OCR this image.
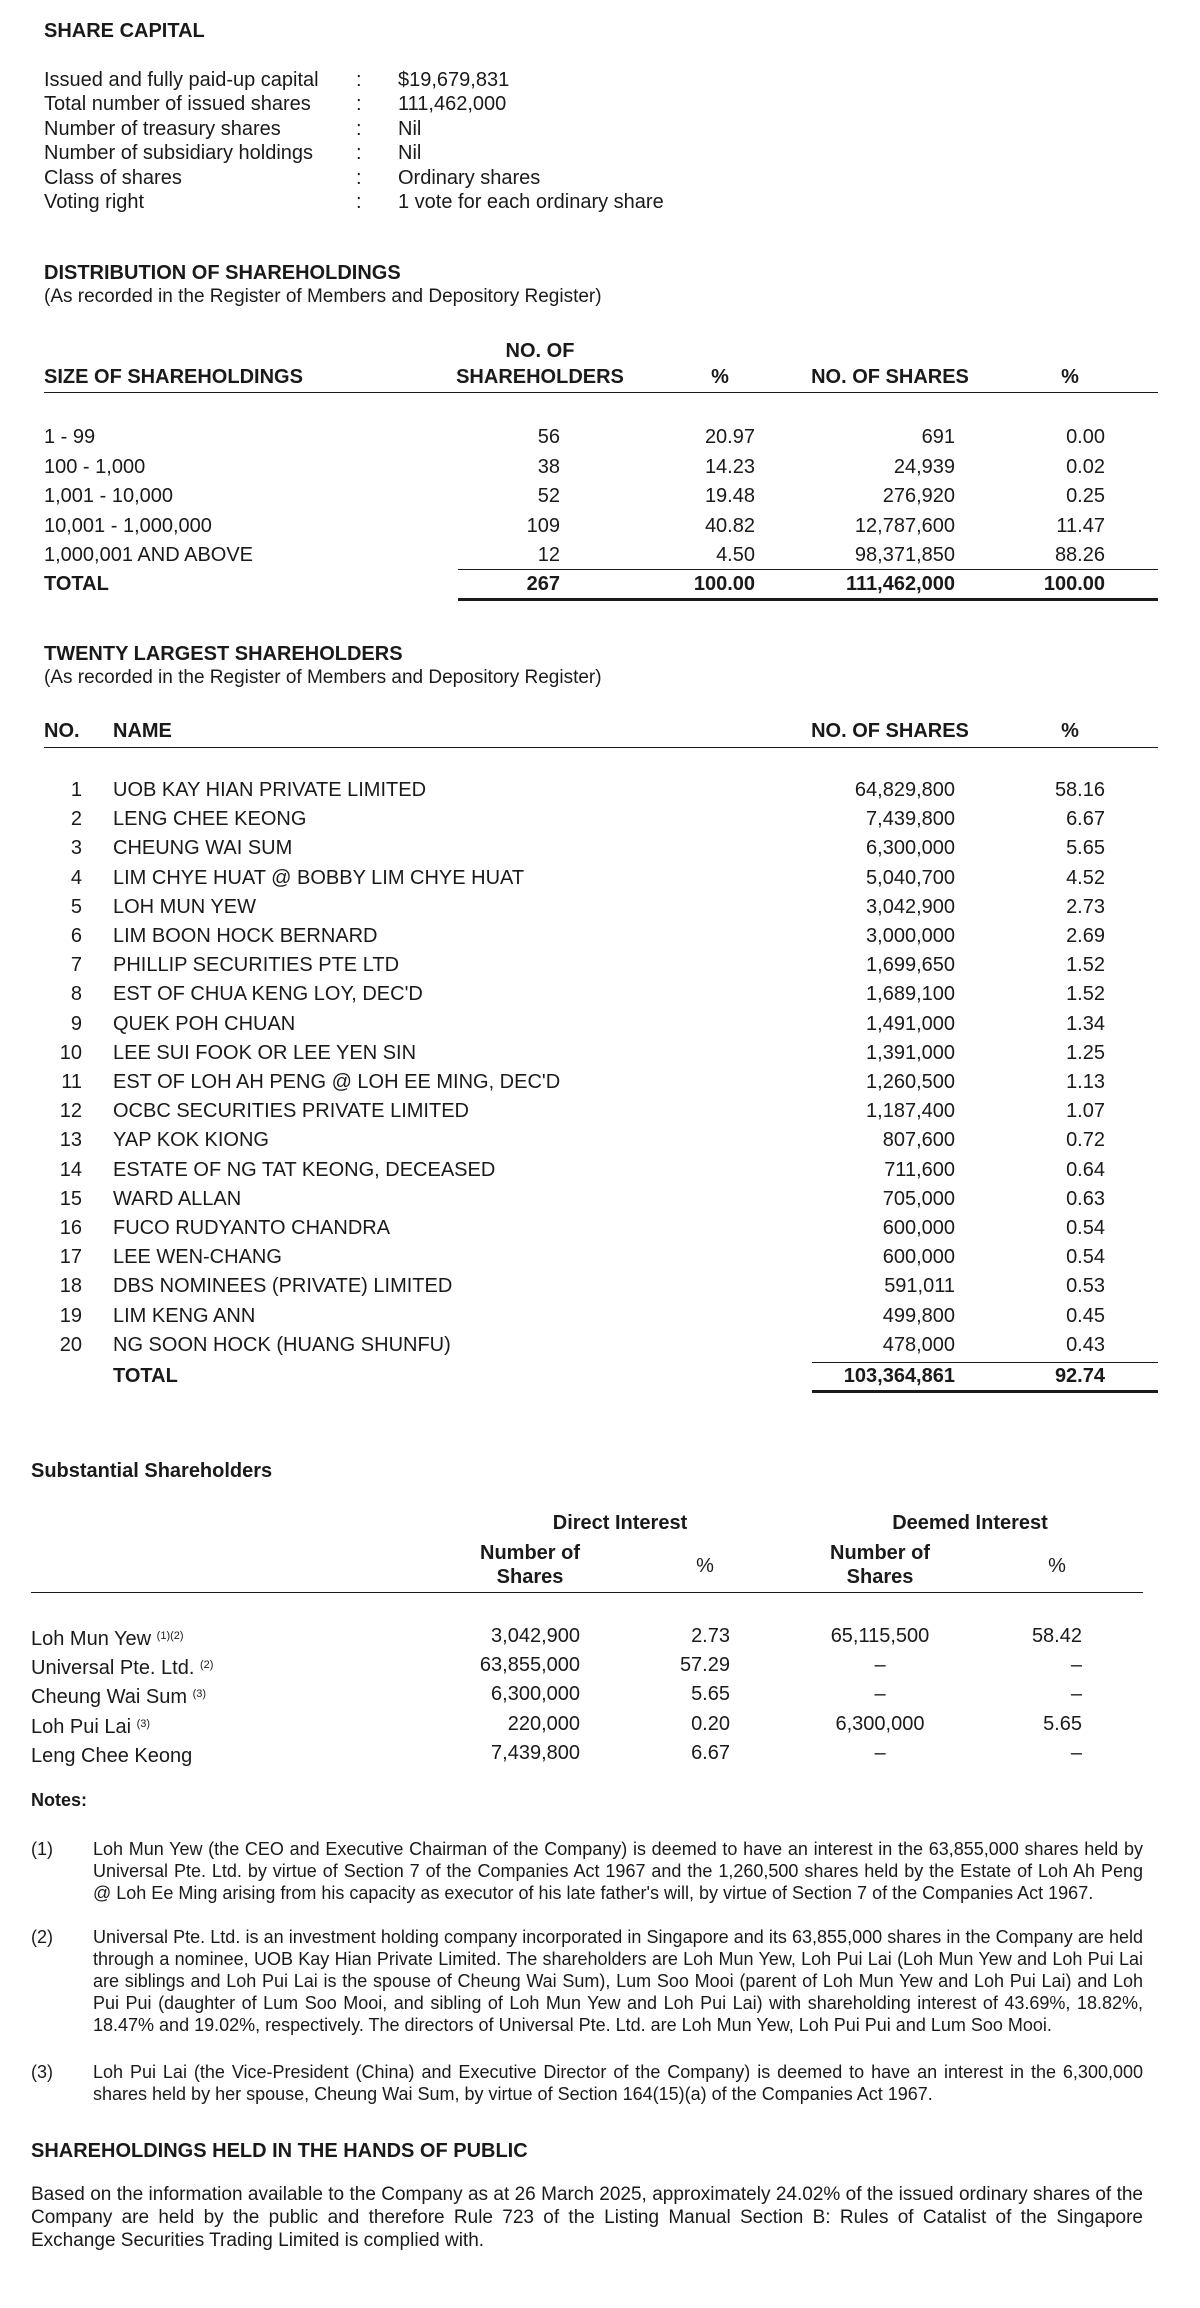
SHARE CAPITAL
Issued and fully paid-up capital : $19,679,831
Total number of issued shares : 111,462,000
Number of treasury shares	: Nil
Number of subsidiary holdings : Nil
Class of shares	: Ordinary shares
Voting right	: 1 vote for each ordinary share
DISTRIBUTION OF SHAREHOLDINGS
(As recorded in the Register of Members and Depository Register)
NO. OF
SIZE OF SHAREHOLDINGS	SHAREHOLDERS	%	NO. OF SHARES	%
1 - 99	56	20.97	691	0.00
100 - 1,000	38	14.23	24,939	0.02
1,001 - 10,000	52	19.48	276,920	0.25
10,001 - 1,000,000	109	40.82	12,787,600	11.47
1,000,001 AND ABOVE	12	4.50	98,371,850	88.26
TOTAL	267	100.00	111,462,000	100.00
TWENTY LARGEST SHAREHOLDERS
(As recorded in the Register of Members and Depository Register)
NO. NAME	NO. OF SHARES	%
1 UOB KAY HIAN PRIVATE LIMITED	64,829,800	58.16
2 LENG CHEE KEONG	7,439,800	6.67
3 CHEUNG WAI SUM	6,300,000	5.65
4 LIM CHYE HUAT @ BOBBY LIM CHYE HUAT	5,040,700	4.52
5 LOH MUN YEW	3,042,900	2.73
6 LIM BOON HOCK BERNARD	3,000,000	2.69
7 PHILLIP SECURITIES PTE LTD	1,699,650	1.52
8 EST OF CHUA KENG LOY, DEC'D	1,689,100	1.52
9 QUEK POH CHUAN	1,491,000	1.34
10 LEE SUI FOOK OR LEE YEN SIN	1,391,000	1.25
11 EST OF LOH AH PENG @ LOH EE MING, DEC'D	1,260,500	1.13
12 OCBC SECURITIES PRIVATE LIMITED	1,187,400	1.07
13 YAP KOK KIONG	807,600	0.72
14 ESTATE OF NG TAT KEONG, DECEASED	711,600	0.64
15 WARD ALLAN	705,000	0.63
16 FUCO RUDYANTO CHANDRA	600,000	0.54
17 LEE WEN-CHANG	600,000	0.54
18 DBS NOMINEES (PRIVATE) LIMITED	591,011	0.53
19 LIM KENG ANN	499,800	0.45
20 NG SOON HOCK (HUANG SHUNFU)	478,000	0.43
TOTAL	103,364,861	92.74
Substantial Shareholders
Direct Interest	Deemed Interest
Number of
Shares	%
Number of
Shares	%
Loh Mun Yew $^{(1)(2)}$	3,042,900	2.73	65,115,500	58.42
Universal Pte. Ltd. $^{(2)}$	63,855,000	57.29	–	–
Cheung Wai Sum $^{(3)}$	6,300,000	5.65	–	–
Loh Pui Lai $^{(3)}$	220,000	0.20	6,300,000	5.65
Leng Chee Keong	7,439,800	6.67	–	–
Notes:
(1) Loh Mun Yew (the CEO and Executive Chairman of the Company) is deemed to have an interest in the 63,855,000 shares held by Universal Pte. Ltd. by virtue of Section 7 of the Companies Act 1967 and the 1,260,500 shares held by the Estate of Loh Ah Peng @ Loh Ee Ming arising from his capacity as executor of his late father's will, by virtue of Section 7 of the Companies Act 1967.
(2) Universal Pte. Ltd. is an investment holding company incorporated in Singapore and its 63,855,000 shares in the Company are held through a nominee, UOB Kay Hian Private Limited. The shareholders are Loh Mun Yew, Loh Pui Lai (Loh Mun Yew and Loh Pui Lai are siblings and Loh Pui Lai is the spouse of Cheung Wai Sum), Lum Soo Mooi (parent of Loh Mun Yew and Loh Pui Lai) and Loh Pui Pui (daughter of Lum Soo Mooi, and sibling of Loh Mun Yew and Loh Pui Lai) with shareholding interest of 43.69%, 18.82%, 18.47% and 19.02%, respectively. The directors of Universal Pte. Ltd. are Loh Mun Yew, Loh Pui Pui and Lum Soo Mooi.
(3) Loh Pui Lai (the Vice-President (China) and Executive Director of the Company) is deemed to have an interest in the 6,300,000 shares held by her spouse, Cheung Wai Sum, by virtue of Section 164(15)(a) of the Companies Act 1967.
SHAREHOLDINGS HELD IN THE HANDS OF PUBLIC
Based on the information available to the Company as at 26 March 2025, approximately 24.02% of the issued ordinary shares of the Company are held by the public and therefore Rule 723 of the Listing Manual Section B: Rules of Catalist of the Singapore Exchange Securities Trading Limited is complied with.
